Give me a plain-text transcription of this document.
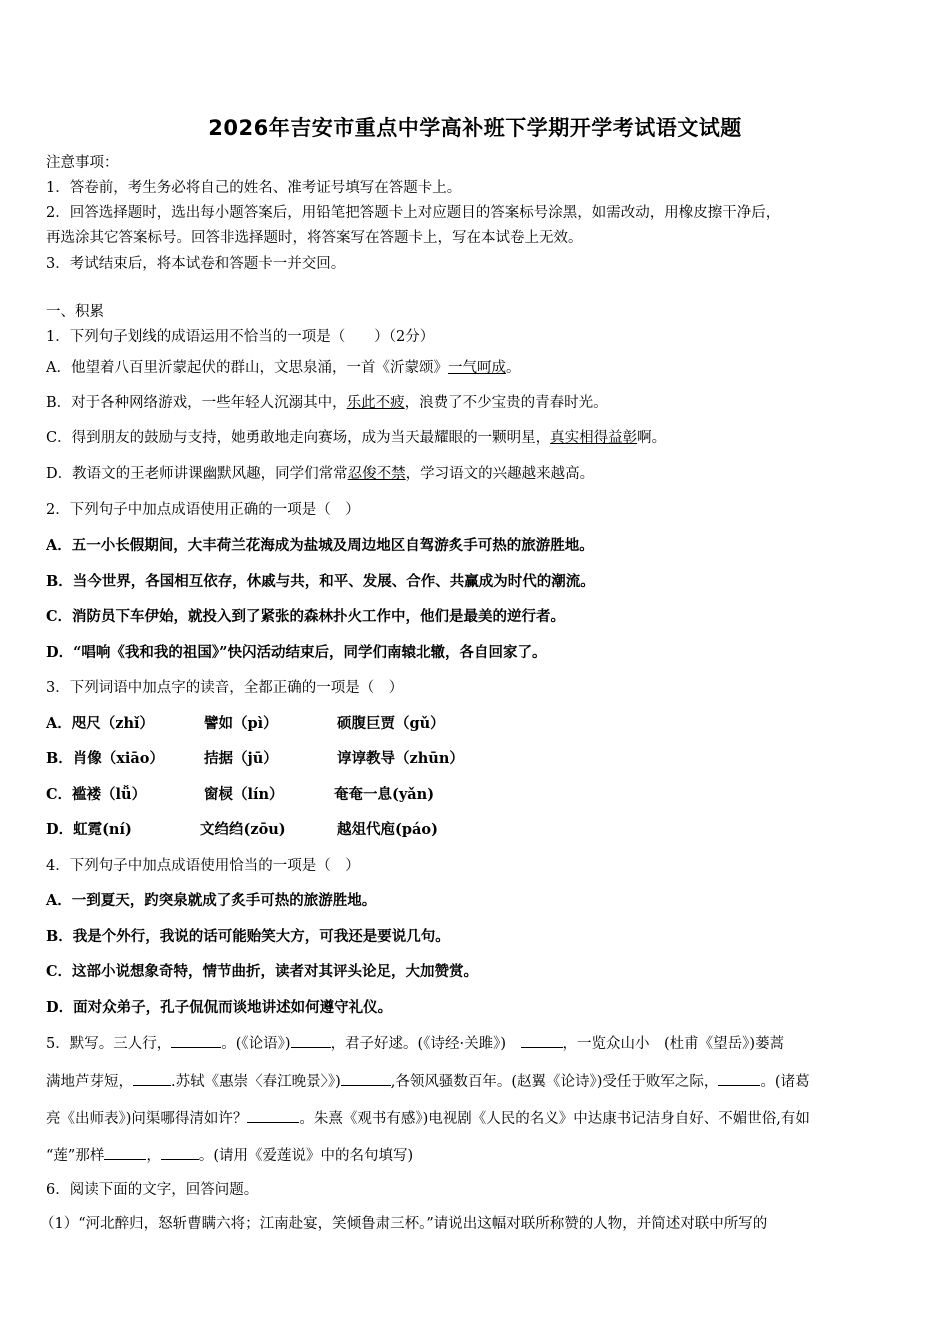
2026年吉安市重点中学高补班下学期开学考试语文试题
注意事项：
1．答卷前，考生务必将自己的姓名、准考证号填写在答题卡上。
2．回答选择题时，选出每小题答案后，用铅笔把答题卡上对应题目的答案标号涂黑，如需改动，用橡皮擦干净后，
再选涂其它答案标号。回答非选择题时，将答案写在答题卡上，写在本试卷上无效。
3．考试结束后，将本试卷和答题卡一并交回。
一、积累
1．下列句子划线的成语运用不恰当的一项是（　　）（2分）
A．他望着八百里沂蒙起伏的群山，文思泉涌，一首《沂蒙颂》一气呵成。
B．对于各种网络游戏，一些年轻人沉溺其中，乐此不疲，浪费了不少宝贵的青春时光。
C．得到朋友的鼓励与支持，她勇敢地走向赛场，成为当天最耀眼的一颗明星，真实相得益彰啊。
D．教语文的王老师讲课幽默风趣，同学们常常忍俊不禁，学习语文的兴趣越来越高。
2．下列句子中加点成语使用正确的一项是（　）
A．五一小长假期间，大丰荷兰花海成为盐城及周边地区自驾游炙手可热的旅游胜地。
B．当今世界，各国相互依存，休戚与共，和平、发展、合作、共赢成为时代的潮流。
C．消防员下车伊始，就投入到了紧张的森林扑火工作中，他们是最美的逆行者。
D．“唱响《我和我的祖国》”快闪活动结束后，同学们南辕北辙，各自回家了。
3．下列词语中加点字的读音，全都正确的一项是（　）
A．咫尺（zhǐ）	譬如（pì）	硕腹巨贾（gǔ）
B．肖像（xiāo）	拮据（jū）	谆谆教导（zhūn）
C．褴褛（lǚ）	窗棂（lín）	奄奄一息(yǎn)
D．虹霓(ní)	文绉绉(zōu)	越俎代庖(páo)
4．下列句子中加点成语使用恰当的一项是（　）
A．一到夏天，趵突泉就成了炙手可热的旅游胜地。
B．我是个外行，我说的话可能贻笑大方，可我还是要说几句。
C．这部小说想象奇特，情节曲折，读者对其评头论足，大加赞赏。
D．面对众弟子，孔子侃侃而谈地讲述如何遵守礼仪。
5．默写。三人行，	。(《论语》)	，君子好逑。(《诗经·关雎》)　	，一览众山小　(杜甫《望岳》)蒌蒿
满地芦芽短，	.苏轼《惠崇〈春江晚景〉》)	,各领风骚数百年。(赵翼《论诗》)受任于败军之际，	。(诸葛
亮《出师表》)问渠哪得清如许？	。朱熹《观书有感》)电视剧《人民的名义》中达康书记洁身自好、不媚世俗,有如
“莲”那样	，	。(请用《爱莲说》中的名句填写)
6．阅读下面的文字，回答问题。
（1）“河北醉归，怒斩曹瞒六将；江南赴宴，笑倾鲁肃三杯。”请说出这幅对联所称赞的人物，并简述对联中所写的
